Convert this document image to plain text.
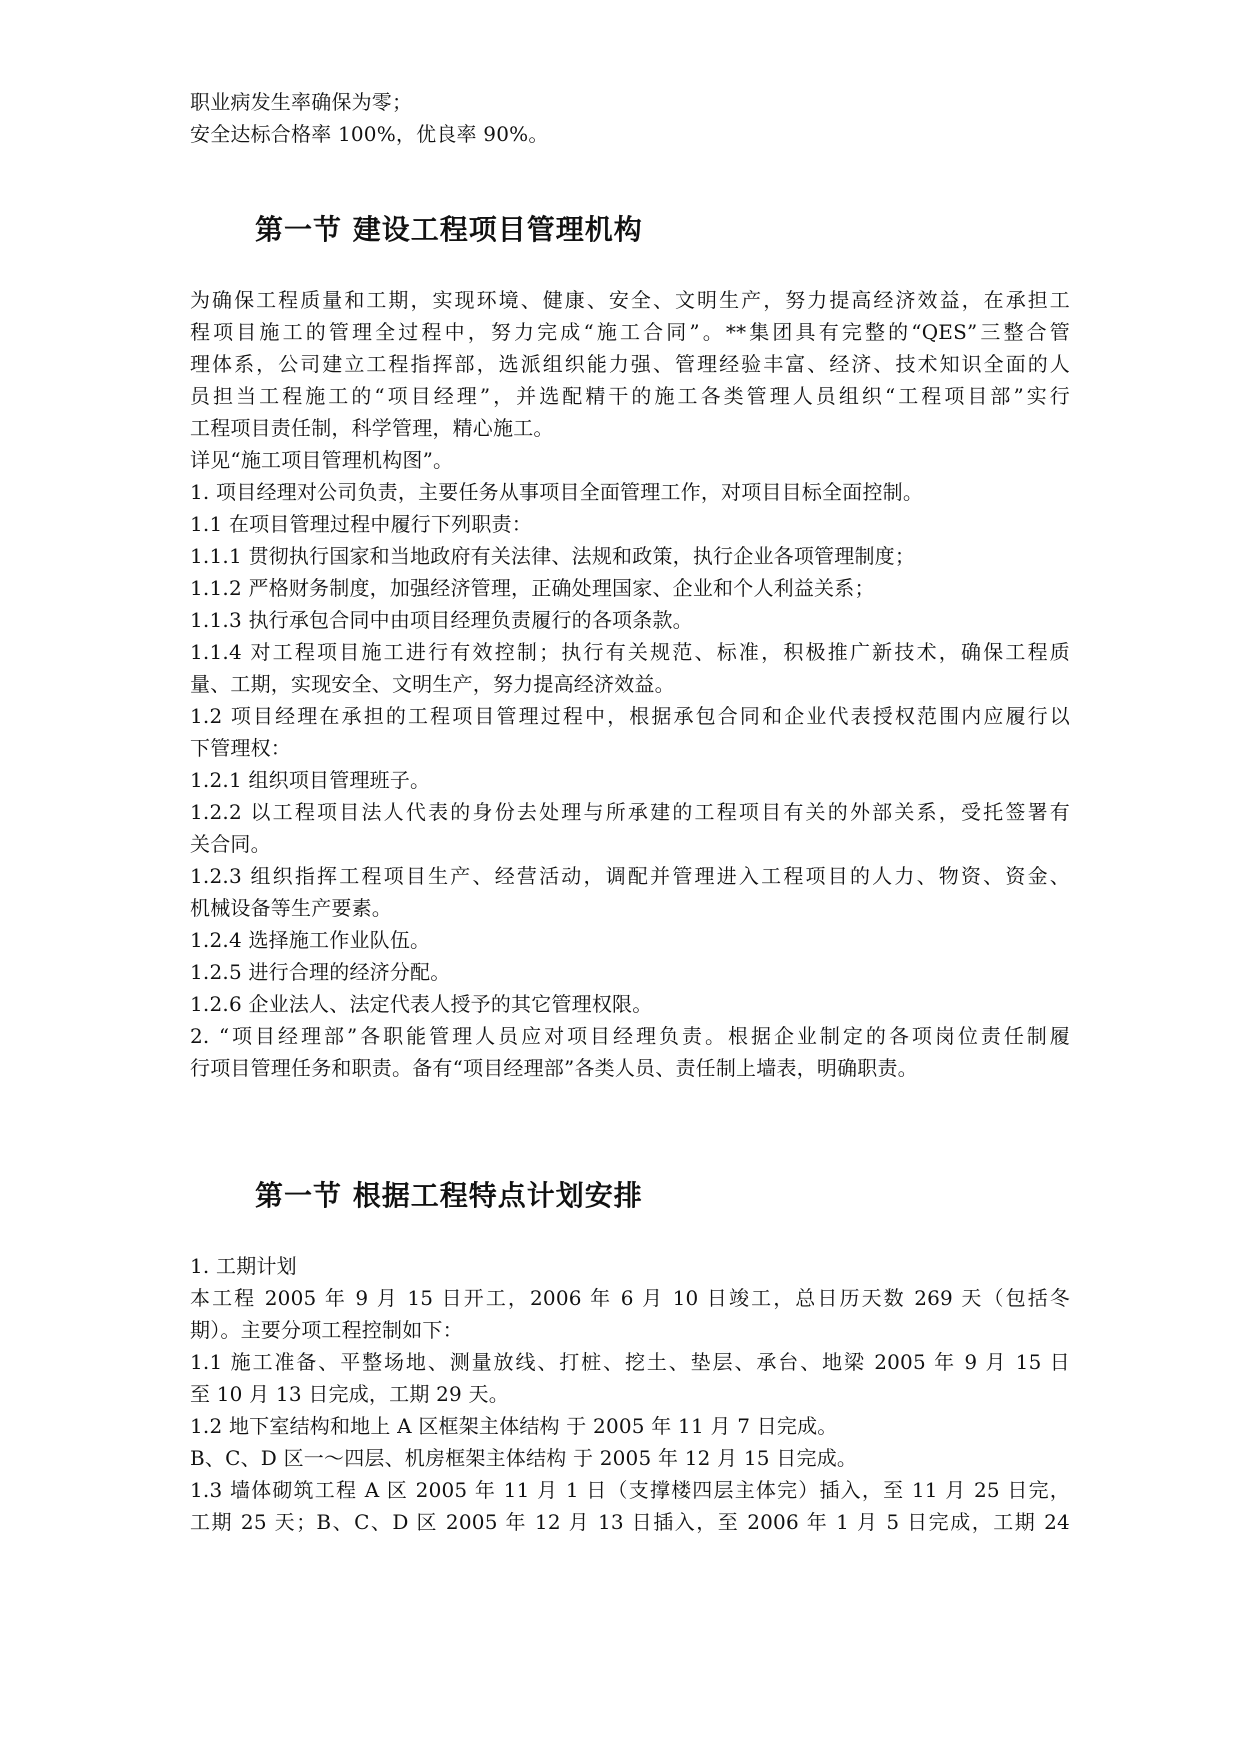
职业病发生率确保为零；
安全达标合格率 100%，优良率 90%。
第一节 建设工程项目管理机构
为确保工程质量和工期，实现环境、健康、安全、文明生产，努力提高经济效益，在承担工
程项目施工的管理全过程中，努力完成“施工合同”。**集团具有完整的“QES”三整合管
理体系，公司建立工程指挥部，选派组织能力强、管理经验丰富、经济、技术知识全面的人
员担当工程施工的“项目经理”，并选配精干的施工各类管理人员组织“工程项目部”实行
工程项目责任制，科学管理，精心施工。
详见“施工项目管理机构图”。
1. 项目经理对公司负责，主要任务从事项目全面管理工作，对项目目标全面控制。
1.1 在项目管理过程中履行下列职责：
1.1.1 贯彻执行国家和当地政府有关法律、法规和政策，执行企业各项管理制度；
1.1.2 严格财务制度，加强经济管理，正确处理国家、企业和个人利益关系；
1.1.3 执行承包合同中由项目经理负责履行的各项条款。
1.1.4 对工程项目施工进行有效控制；执行有关规范、标准，积极推广新技术，确保工程质
量、工期，实现安全、文明生产，努力提高经济效益。
1.2 项目经理在承担的工程项目管理过程中，根据承包合同和企业代表授权范围内应履行以
下管理权：
1.2.1 组织项目管理班子。
1.2.2 以工程项目法人代表的身份去处理与所承建的工程项目有关的外部关系，受托签署有
关合同。
1.2.3 组织指挥工程项目生产、经营活动，调配并管理进入工程项目的人力、物资、资金、
机械设备等生产要素。
1.2.4 选择施工作业队伍。
1.2.5 进行合理的经济分配。
1.2.6 企业法人、法定代表人授予的其它管理权限。
2. “项目经理部”各职能管理人员应对项目经理负责。根据企业制定的各项岗位责任制履
行项目管理任务和职责。备有“项目经理部”各类人员、责任制上墙表，明确职责。
第一节 根据工程特点计划安排
1. 工期计划
本工程 2005 年 9 月 15 日开工，2006 年 6 月 10 日竣工，总日历天数 269 天（包括冬
期）。主要分项工程控制如下：
1.1 施工准备、平整场地、测量放线、打桩、挖土、垫层、承台、地梁 2005 年 9 月 15 日
至 10 月 13 日完成，工期 29 天。
1.2 地下室结构和地上 A 区框架主体结构 于 2005 年 11 月 7 日完成。
B、C、D 区一～四层、机房框架主体结构 于 2005 年 12 月 15 日完成。
1.3 墙体砌筑工程 A 区 2005 年 11 月 1 日（支撑楼四层主体完）插入，至 11 月 25 日完，
工期 25 天；B、C、D 区 2005 年 12 月 13 日插入，至 2006 年 1 月 5 日完成，工期 24
